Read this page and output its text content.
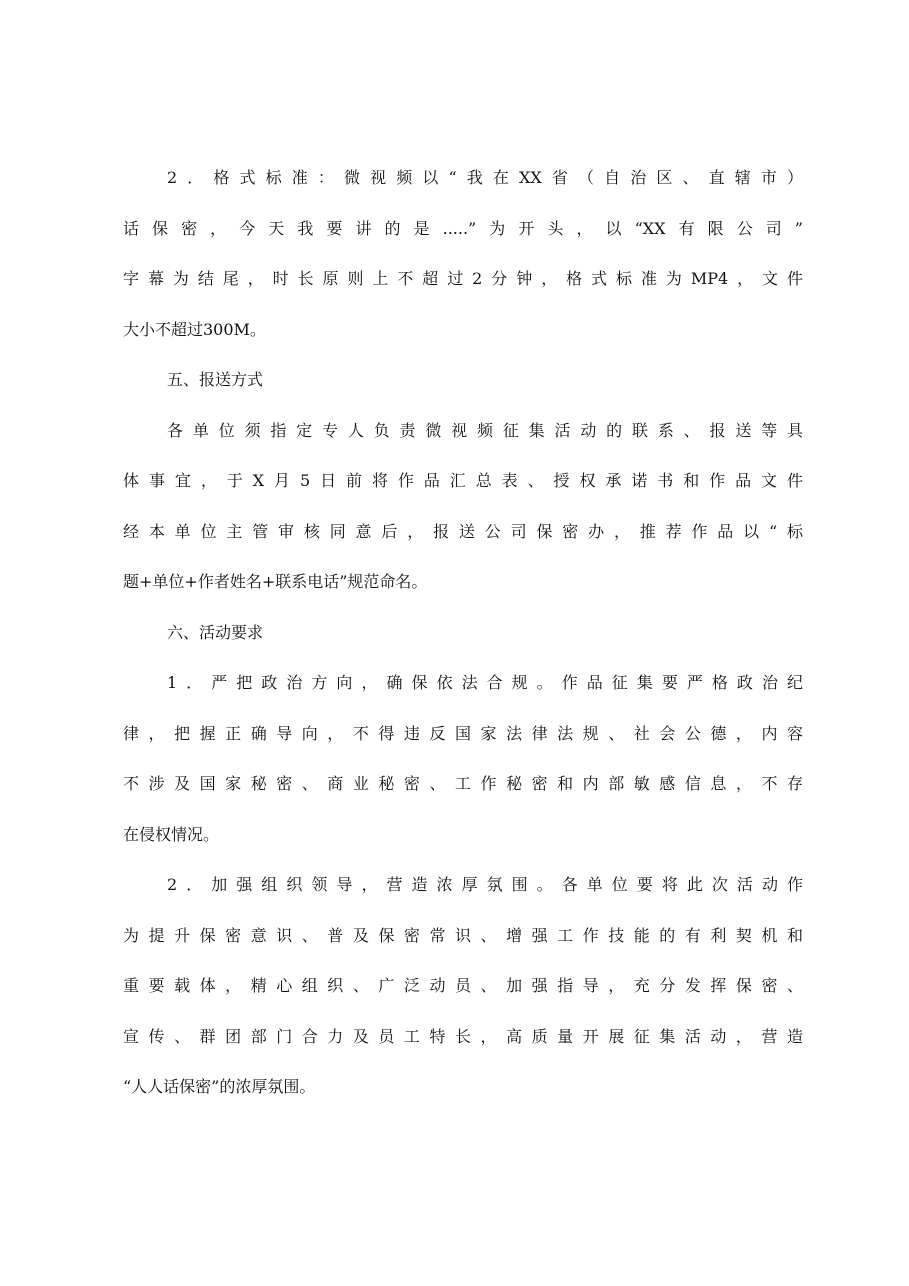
2．格式标准：微视频以“我在XX省（自治区、直辖市）
话保密，今天我要讲的是.....”为开头，以“XX有限公司”
字幕为结尾，时长原则上不超过2分钟，格式标准为MP4，文件
大小不超过300M。
五、报送方式
各单位须指定专人负责微视频征集活动的联系、报送等具
体事宜，于X月5日前将作品汇总表、授权承诺书和作品文件
经本单位主管审核同意后，报送公司保密办，推荐作品以“标
题+单位+作者姓名+联系电话”规范命名。
六、活动要求
1．严把政治方向，确保依法合规。作品征集要严格政治纪
律，把握正确导向，不得违反国家法律法规、社会公德，内容
不涉及国家秘密、商业秘密、工作秘密和内部敏感信息，不存
在侵权情况。
2．加强组织领导，营造浓厚氛围。各单位要将此次活动作
为提升保密意识、普及保密常识、增强工作技能的有利契机和
重要载体，精心组织、广泛动员、加强指导，充分发挥保密、
宣传、群团部门合力及员工特长，高质量开展征集活动，营造
“人人话保密”的浓厚氛围。
